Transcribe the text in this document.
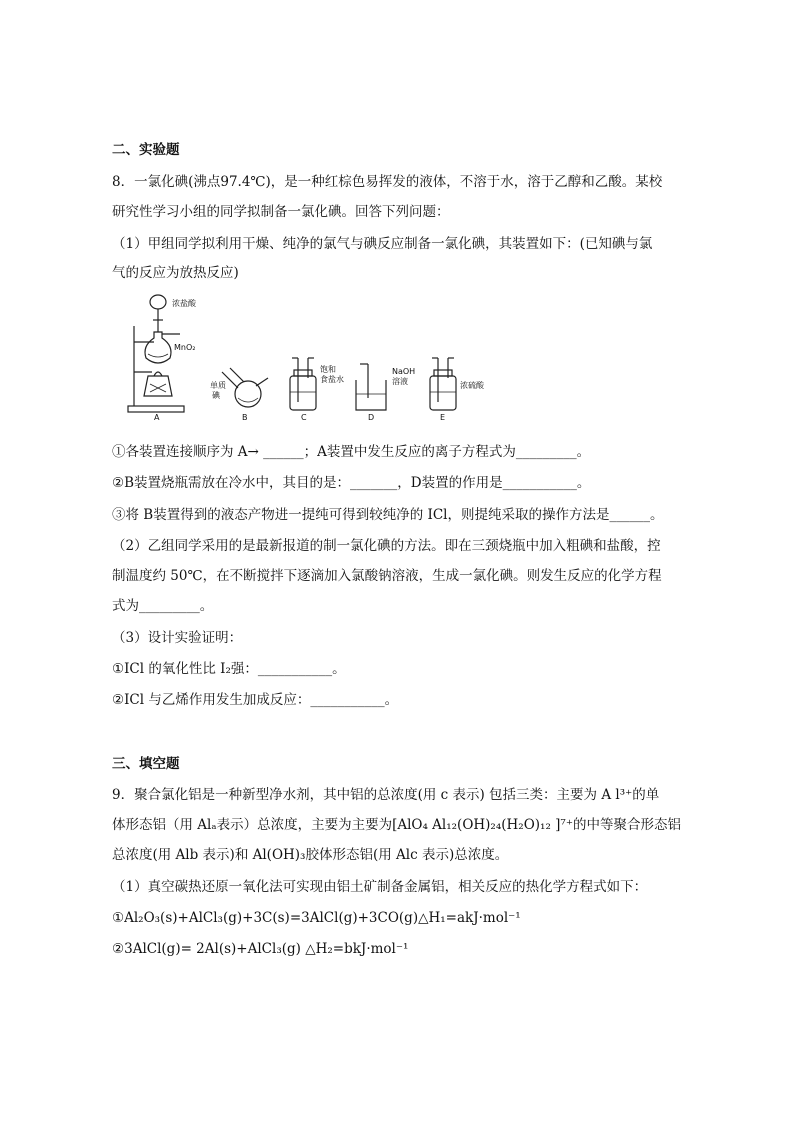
二、实验题
8．一氯化碘(沸点97.4℃)，是一种红棕色易挥发的液体，不溶于水，溶于乙醇和乙酸。某校
研究性学习小组的同学拟制备一氯化碘。回答下列问题：
（1）甲组同学拟利用干燥、纯净的氯气与碘反应制备一氯化碘，其装置如下：(已知碘与氯
气的反应为放热反应)
浓盐酸
MnO₂
A
单质
碘
B
饱和
食盐水
C
NaOH
溶液
D
浓硫酸
E
①各装置连接顺序为 A→ ______；A装置中发生反应的离子方程式为_________。
②B装置烧瓶需放在冷水中，其目的是：_______，D装置的作用是___________。
③将 B装置得到的液态产物进一提纯可得到较纯净的 ICl，则提纯采取的操作方法是______。
（2）乙组同学采用的是最新报道的制一氯化碘的方法。即在三颈烧瓶中加入粗碘和盐酸，控
制温度约 50℃，在不断搅拌下逐滴加入氯酸钠溶液，生成一氯化碘。则发生反应的化学方程
式为_________。
（3）设计实验证明：
①ICl 的氧化性比 I₂强：___________。
②ICl 与乙烯作用发生加成反应：___________。
三、填空题
9．聚合氯化铝是一种新型净水剂，其中铝的总浓度(用 c 表示) 包括三类：主要为 A l³⁺的单
体形态铝（用 Alₐ表示）总浓度，主要为主要为[AlO₄ Al₁₂(OH)₂₄(H₂O)₁₂ ]⁷⁺的中等聚合形态铝
总浓度(用 Alb 表示)和 Al(OH)₃胶体形态铝(用 Alc 表示)总浓度。
（1）真空碳热还原一氧化法可实现由铝土矿制备金属铝，相关反应的热化学方程式如下：
①Al₂O₃(s)+AlCl₃(g)+3C(s)=3AlCl(g)+3CO(g)△H₁=akJ·mol⁻¹
②3AlCl(g)= 2Al(s)+AlCl₃(g) △H₂=bkJ·mol⁻¹
